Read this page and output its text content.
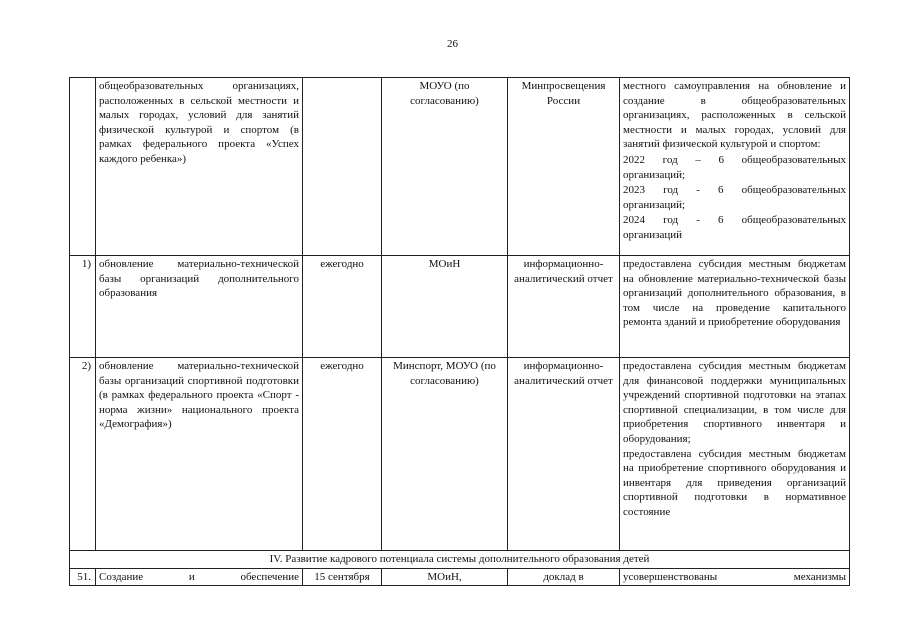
26
	общеобразовательных организациях, расположенных в сельской местности и малых городах, условий для занятий физической культурой и спортом (в рамках федерального проекта «Успех каждого ребенка»)		МОУО (по согласованию)	Минпросвещения России	местного самоуправления на обновление и создание в общеобразовательных организациях, расположенных в сельской местности и малых городах, условий для занятий физической культурой и спортом:
2022 год – 6 общеобразовательных организаций;
2023 год - 6 общеобразовательных организаций;
2024 год - 6 общеобразовательных организаций

1)	обновление материально-технической базы организаций дополнительного образования	ежегодно	МОиН	информационно-аналитический отчет	предоставлена субсидия местным бюджетам на обновление материально-технической базы организаций дополнительного образования, в том числе на проведение капитального ремонта зданий и приобретение оборудования

2)	обновление материально-технической базы организаций спортивной подготовки (в рамках федерального проекта «Спорт - норма жизни» национального проекта «Демография»)	ежегодно	Минспорт, МОУО (по согласованию)	информационно-аналитический отчет	предоставлена субсидия местным бюджетам для финансовой поддержки муниципальных учреждений спортивной подготовки на этапах спортивной специализации, в том числе для приобретения спортивного инвентаря и оборудования;
предоставлена субсидия местным бюджетам на приобретение спортивного оборудования и инвентаря для приведения организаций спортивной подготовки в нормативное состояние

IV. Развитие кадрового потенциала системы дополнительного образования детей					
51.	Создание и обеспечение	15 сентября	МОиН,	доклад в	усовершенствованы механизмы
